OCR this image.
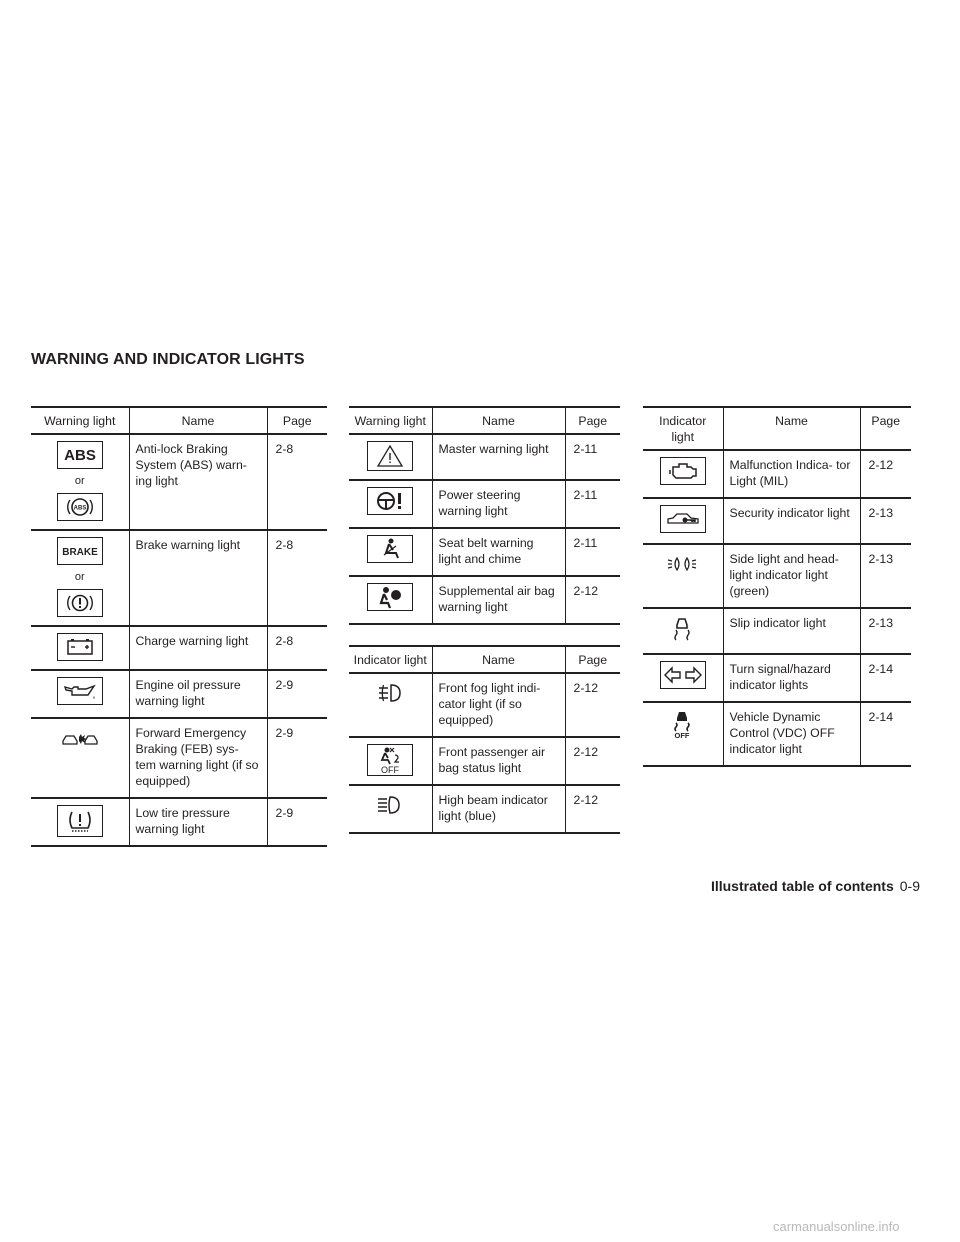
WARNING AND INDICATOR LIGHTS
Warning light	Name	Page

ABS
or
ABS	Anti-lock Braking System (ABS) warn- ing light	2-8

BRAKE
or	Brake warning light	2-8

	Charge warning light	2-8

	Engine oil pressure warning light	2-9

	Forward Emergency Braking (FEB) sys- tem warning light (if so equipped)	2-9

	Low tire pressure warning light	2-9
Warning light	Name	Page

	Master warning light	2-11

	Power steering warning light	2-11

	Seat belt warning light and chime	2-11

	Supplemental air bag warning light	2-12
Indicator light	Name	Page

	Front fog light indi- cator light (if so equipped)	2-12

OFF	Front passenger air bag status light	2-12

	High beam indicator light (blue)	2-12
Indicator light	Name	Page

	Malfunction Indica- tor Light (MIL)	2-12

	Security indicator light	2-13

	Side light and head- light indicator light (green)	2-13

	Slip indicator light	2-13

	Turn signal/hazard indicator lights	2-14

OFF	Vehicle Dynamic Control (VDC) OFF indicator light	2-14
Illustrated table of contents 0-9
carmanualsonline.info
